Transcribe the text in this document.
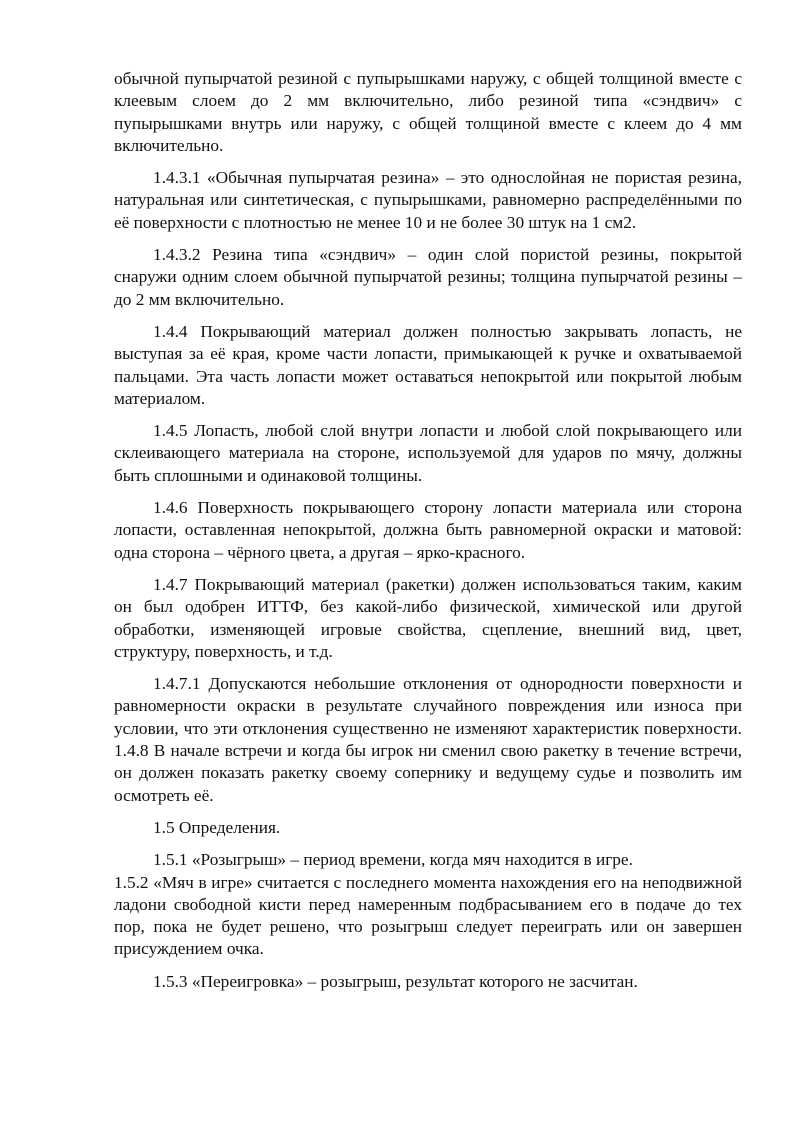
обычной пупырчатой резиной с пупырышками наружу, с общей толщиной вместе с клеевым слоем до 2 мм включительно, либо резиной типа «сэндвич» с пупырышками внутрь или наружу, с общей толщиной вместе с клеем до 4 мм включительно.

1.4.3.1 «Обычная пупырчатая резина» – это однослойная не пористая резина, натуральная или синтетическая, с пупырышками, равномерно распределёнными по её поверхности с плотностью не менее 10 и не более 30 штук на 1 см2.

1.4.3.2 Резина типа «сэндвич» – один слой пористой резины, покрытой снаружи одним слоем обычной пупырчатой резины; толщина пупырчатой резины – до 2 мм включительно.

1.4.4 Покрывающий материал должен полностью закрывать лопасть, не выступая за её края, кроме части лопасти, примыкающей к ручке и охватываемой пальцами. Эта часть лопасти может оставаться непокрытой или покрытой любым материалом.

1.4.5 Лопасть, любой слой внутри лопасти и любой слой покрывающего или склеивающего материала на стороне, используемой для ударов по мячу, должны быть сплошными и одинаковой толщины.

1.4.6 Поверхность покрывающего сторону лопасти материала или сторона лопасти, оставленная непокрытой, должна быть равномерной окраски и матовой: одна сторона – чёрного цвета, а другая – ярко-красного.

1.4.7 Покрывающий материал (ракетки) должен использоваться таким, каким он был одобрен ИТТФ, без какой-либо физической, химической или другой обработки, изменяющей игровые свойства, сцепление, внешний вид, цвет, структуру, поверхность, и т.д.

1.4.7.1 Допускаются небольшие отклонения от однородности поверхности и равномерности окраски в результате случайного повреждения или износа при условии, что эти отклонения существенно не изменяют характеристик поверхности.

1.4.8 В начале встречи и когда бы игрок ни сменил свою ракетку в течение встречи, он должен показать ракетку своему сопернику и ведущему судье и позволить им осмотреть её.

1.5 Определения.

1.5.1 «Розыгрыш» – период времени, когда мяч находится в игре.

1.5.2 «Мяч в игре» считается с последнего момента нахождения его на неподвижной ладони свободной кисти перед намеренным подбрасыванием его в подаче до тех пор, пока не будет решено, что розыгрыш следует переиграть или он завершен присуждением очка.

1.5.3 «Переигровка» – розыгрыш, результат которого не засчитан.
